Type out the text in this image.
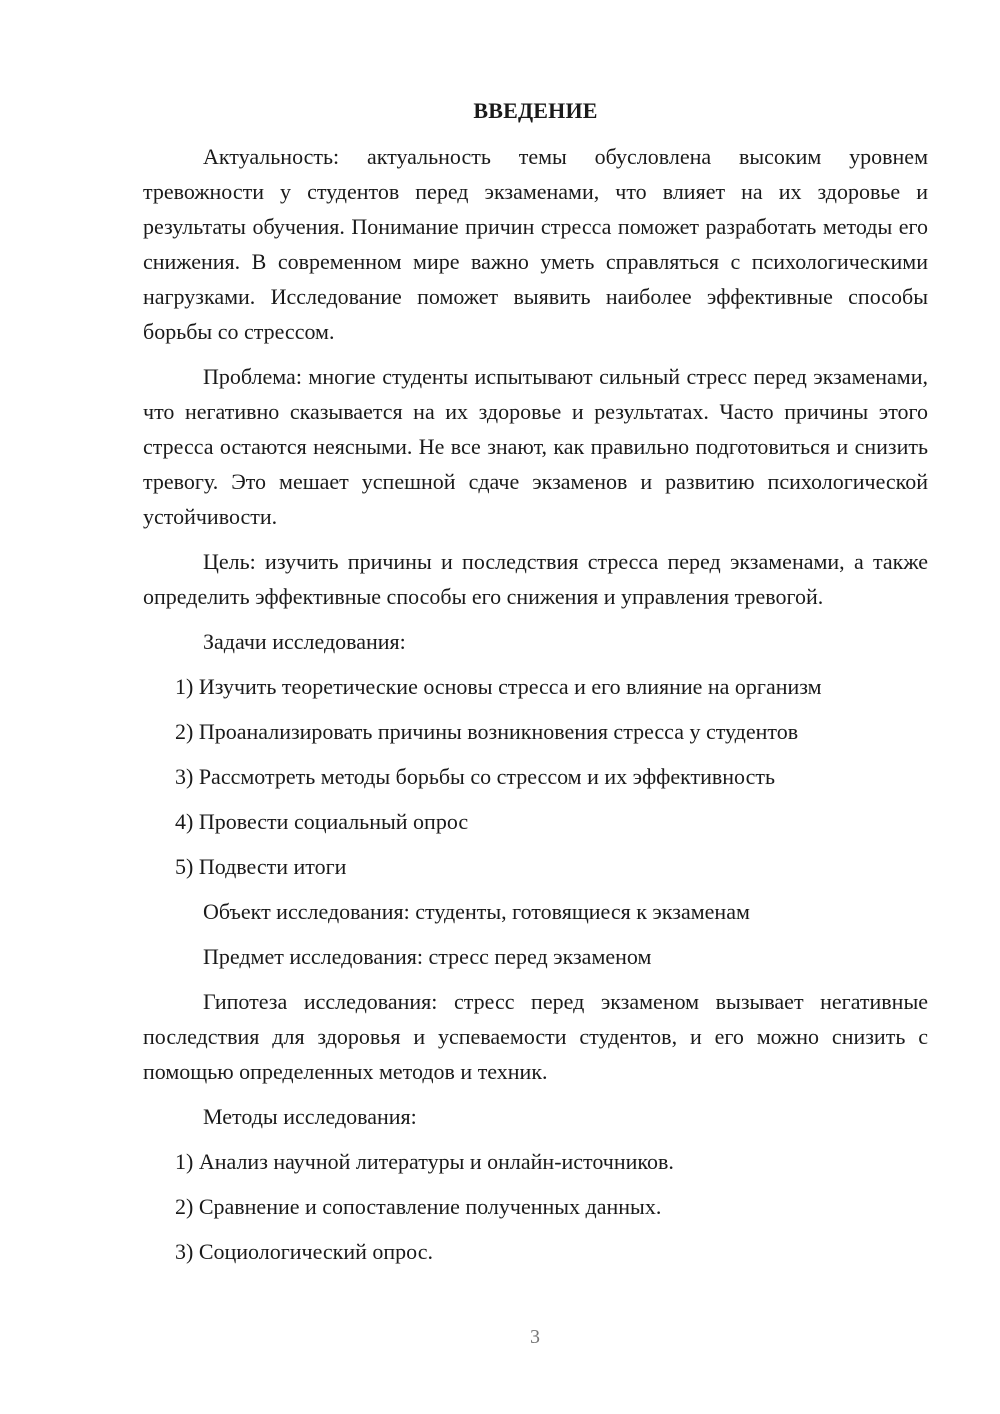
ВВЕДЕНИЕ

Актуальность: актуальность темы обусловлена высоким уровнем тревожности у студентов перед экзаменами, что влияет на их здоровье и результаты обучения. Понимание причин стресса поможет разработать методы его снижения. В современном мире важно уметь справляться с психологическими нагрузками. Исследование поможет выявить наиболее эффективные способы борьбы со стрессом.

Проблема: многие студенты испытывают сильный стресс перед экзаменами, что негативно сказывается на их здоровье и результатах. Часто причины этого стресса остаются неясными. Не все знают, как правильно подготовиться и снизить тревогу. Это мешает успешной сдаче экзаменов и развитию психологической устойчивости.

Цель: изучить причины и последствия стресса перед экзаменами, а также определить эффективные способы его снижения и управления тревогой.

Задачи исследования:

1) Изучить теоретические основы стресса и его влияние на организм
2) Проанализировать причины возникновения стресса у студентов
3) Рассмотреть методы борьбы со стрессом и их эффективность
4) Провести социальный опрос
5) Подвести итоги

Объект исследования: студенты, готовящиеся к экзаменам

Предмет исследования: стресс перед экзаменом

Гипотеза исследования: стресс перед экзаменом вызывает негативные последствия для здоровья и успеваемости студентов, и его можно снизить с помощью определенных методов и техник.

Методы исследования:

1) Анализ научной литературы и онлайн-источников.
2) Сравнение и сопоставление полученных данных.
3) Социологический опрос.
3
